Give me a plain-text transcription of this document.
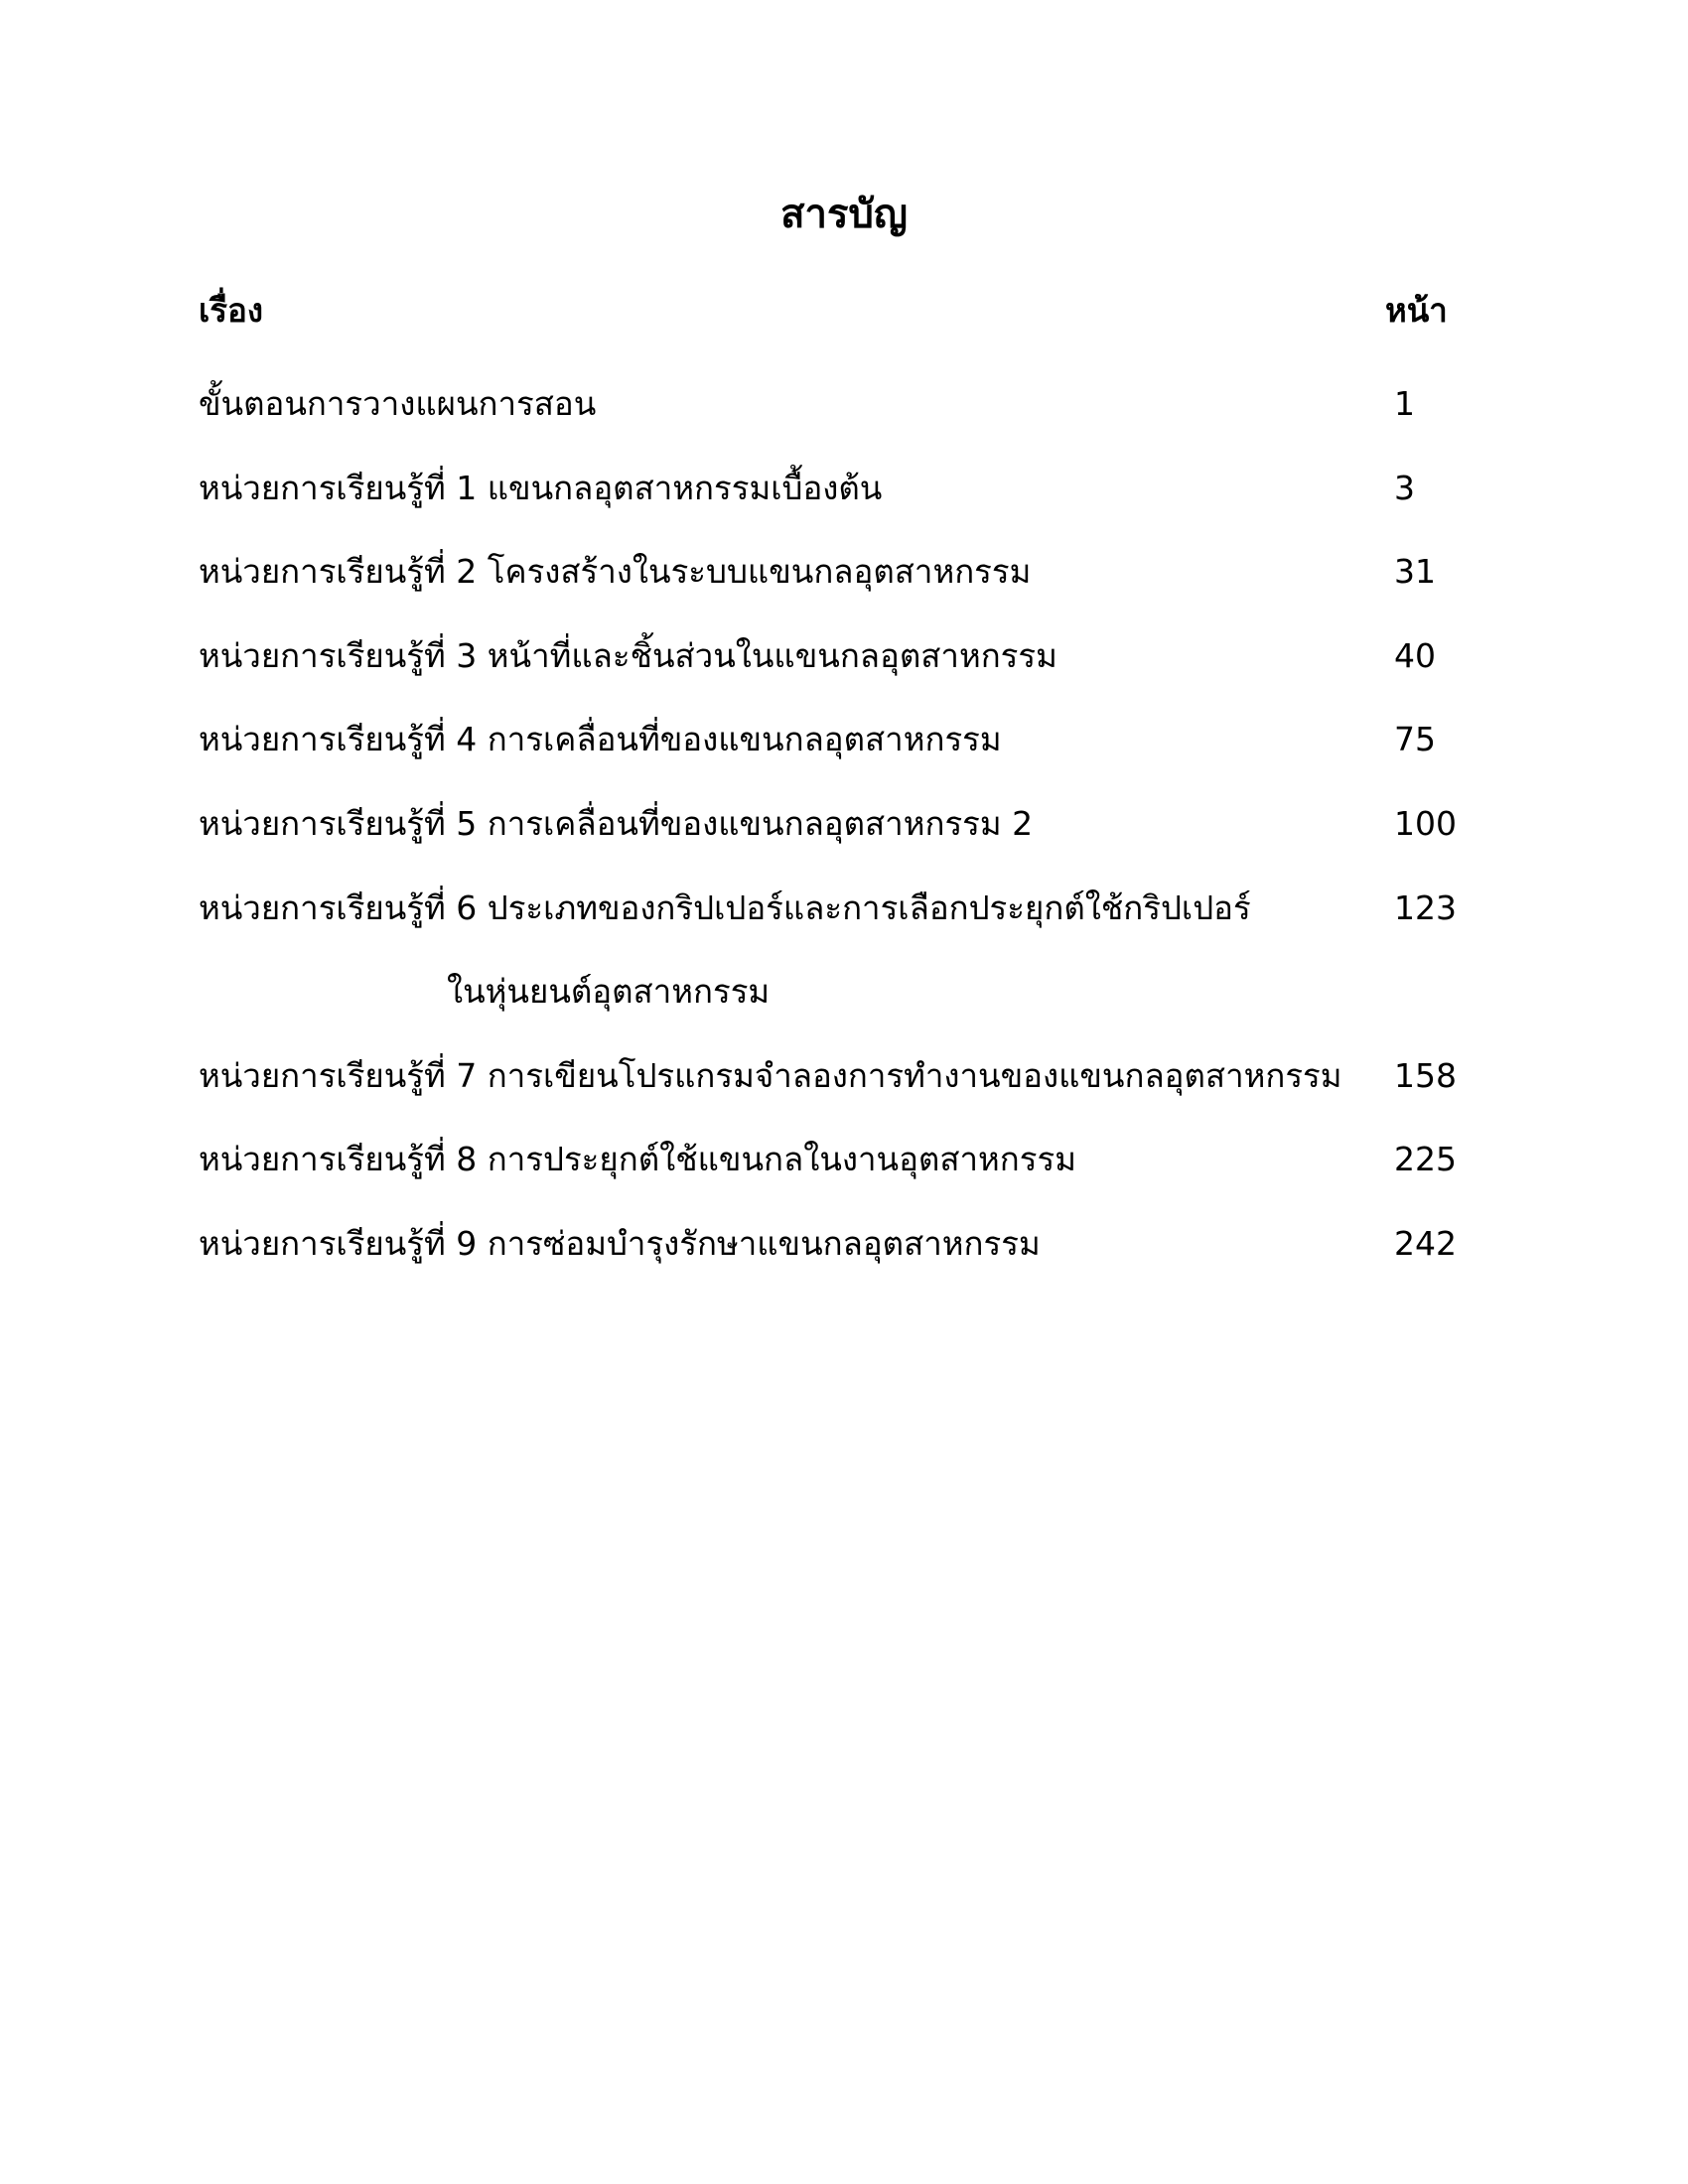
สารบัญ
เรื่อง	หน้า
ขั้นตอนการวางแผนการสอน	1
หน่วยการเรียนรู้ที่ 1 แขนกลอุตสาหกรรมเบื้องต้น	3
หน่วยการเรียนรู้ที่ 2 โครงสร้างในระบบแขนกลอุตสาหกรรม	31
หน่วยการเรียนรู้ที่ 3 หน้าที่และชิ้นส่วนในแขนกลอุตสาหกรรม	40
หน่วยการเรียนรู้ที่ 4 การเคลื่อนที่ของแขนกลอุตสาหกรรม	75
หน่วยการเรียนรู้ที่ 5 การเคลื่อนที่ของแขนกลอุตสาหกรรม 2	100
หน่วยการเรียนรู้ที่ 6 ประเภทของกริปเปอร์และการเลือกประยุกต์ใช้กริปเปอร์	123
ในหุ่นยนต์อุตสาหกรรม
หน่วยการเรียนรู้ที่ 7 การเขียนโปรแกรมจำลองการทำงานของแขนกลอุตสาหกรรม	158
หน่วยการเรียนรู้ที่ 8 การประยุกต์ใช้แขนกลในงานอุตสาหกรรม	225
หน่วยการเรียนรู้ที่ 9 การซ่อมบำรุงรักษาแขนกลอุตสาหกรรม	242
